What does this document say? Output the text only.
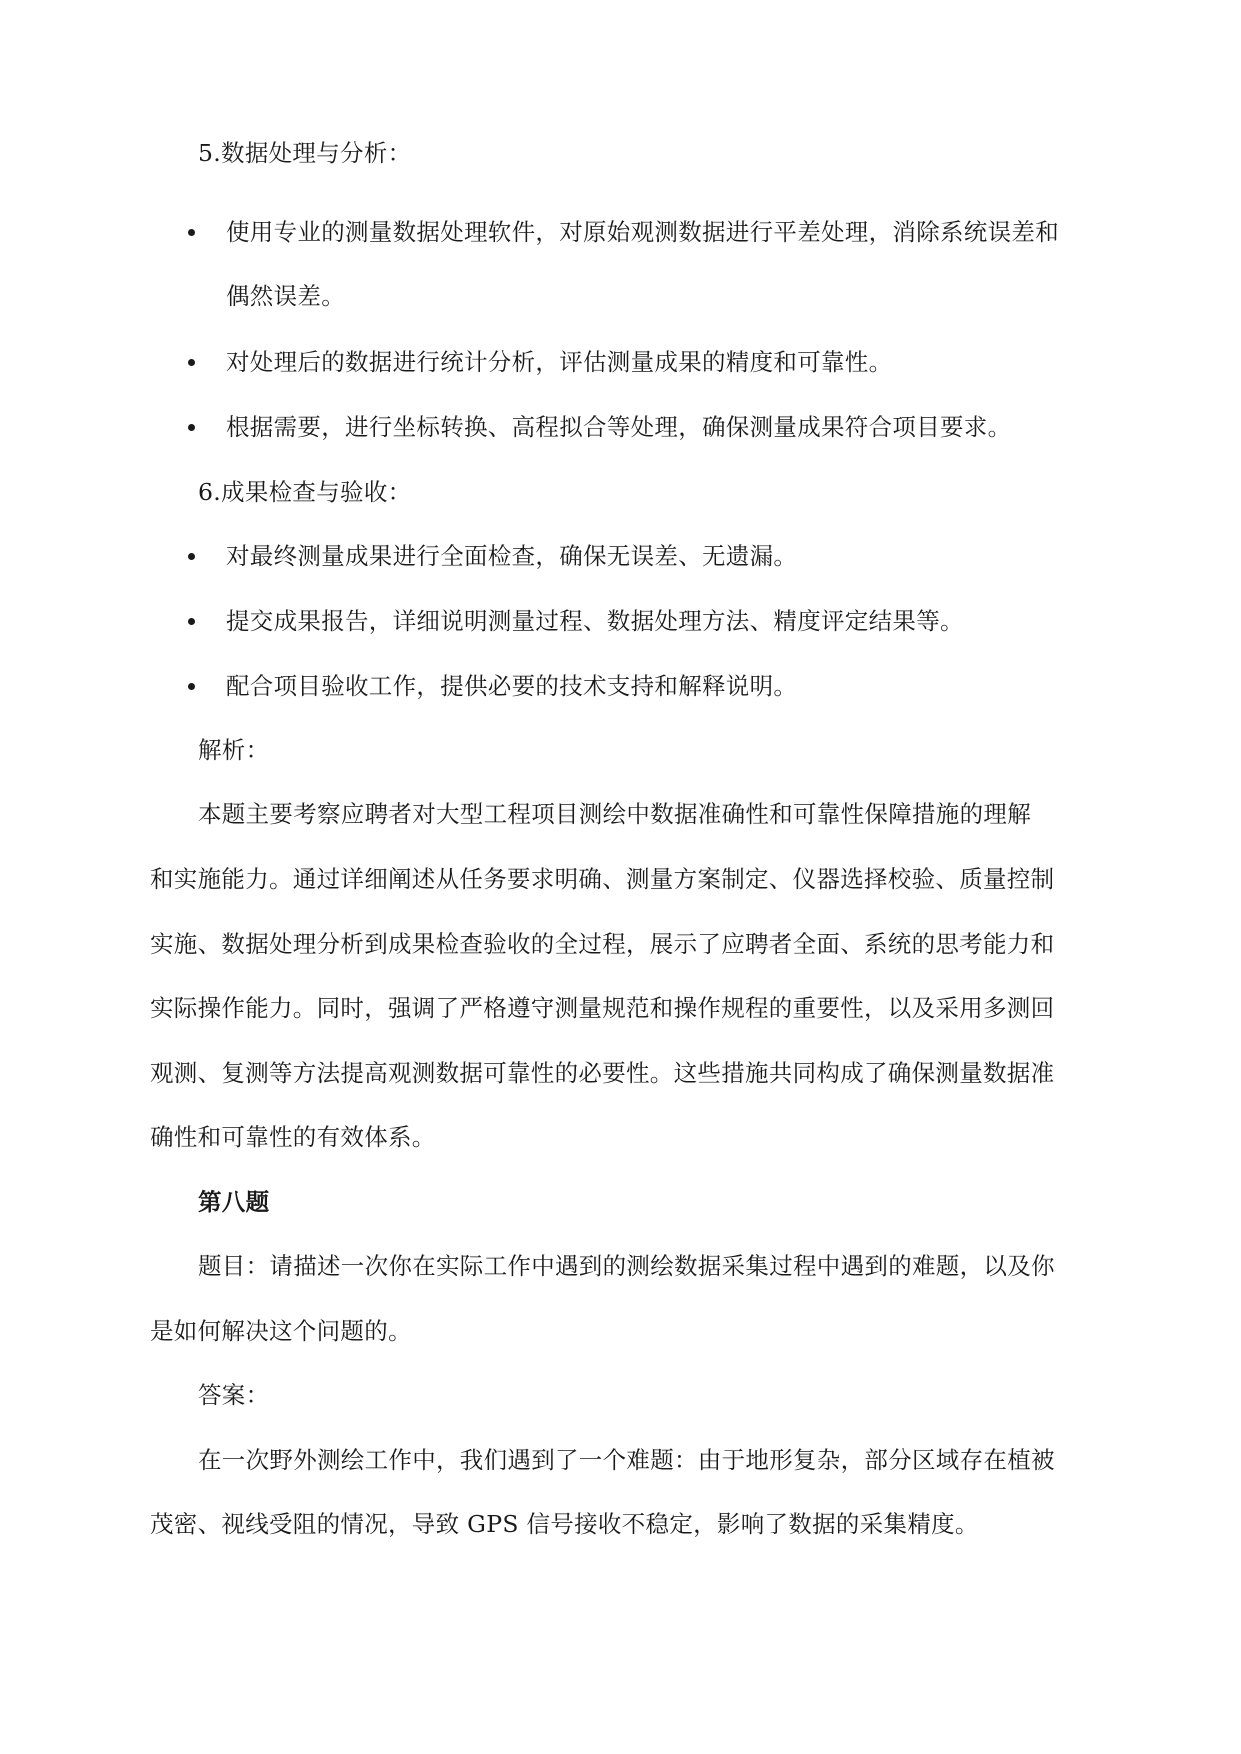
5.数据处理与分析：
使用专业的测量数据处理软件，对原始观测数据进行平差处理，消除系统误差和
偶然误差。
对处理后的数据进行统计分析，评估测量成果的精度和可靠性。
根据需要，进行坐标转换、高程拟合等处理，确保测量成果符合项目要求。
6.成果检查与验收：
对最终测量成果进行全面检查，确保无误差、无遗漏。
提交成果报告，详细说明测量过程、数据处理方法、精度评定结果等。
配合项目验收工作，提供必要的技术支持和解释说明。
解析：
本题主要考察应聘者对大型工程项目测绘中数据准确性和可靠性保障措施的理解
和实施能力。通过详细阐述从任务要求明确、测量方案制定、仪器选择校验、质量控制
实施、数据处理分析到成果检查验收的全过程，展示了应聘者全面、系统的思考能力和
实际操作能力。同时，强调了严格遵守测量规范和操作规程的重要性，以及采用多测回
观测、复测等方法提高观测数据可靠性的必要性。这些措施共同构成了确保测量数据准
确性和可靠性的有效体系。
第八题
题目：请描述一次你在实际工作中遇到的测绘数据采集过程中遇到的难题，以及你
是如何解决这个问题的。
答案：
在一次野外测绘工作中，我们遇到了一个难题：由于地形复杂，部分区域存在植被
茂密、视线受阻的情况，导致 GPS 信号接收不稳定，影响了数据的采集精度。
